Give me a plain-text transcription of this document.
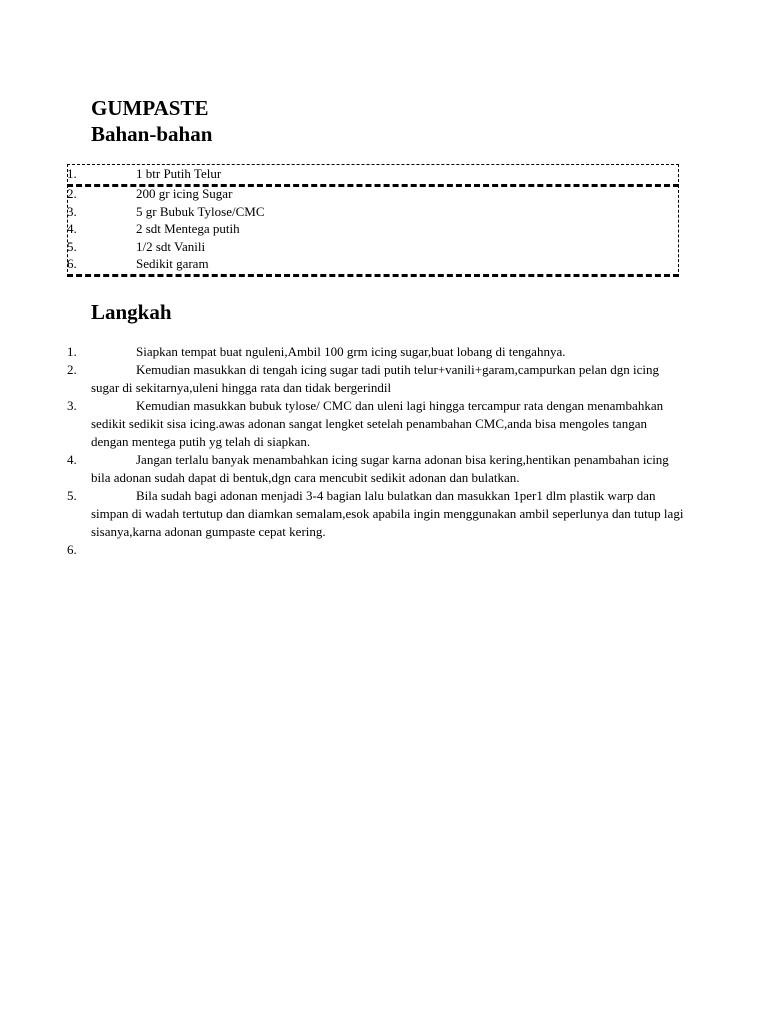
GUMPASTE
Bahan-bahan
1.	1 btr Putih Telur
2.	200 gr icing Sugar
3.	5 gr Bubuk Tylose/CMC
4.	2 sdt Mentega putih
5.	1/2 sdt Vanili
6.	Sedikit garam
Langkah
1.	Siapkan tempat buat nguleni,Ambil 100 grm icing sugar,buat lobang di tengahnya.
2.	Kemudian masukkan di tengah icing sugar tadi putih telur+vanili+garam,campurkan pelan dgn icing sugar di sekitarnya,uleni hingga rata dan tidak bergerindil
3.	Kemudian masukkan bubuk tylose/ CMC dan uleni lagi hingga tercampur rata dengan menambahkan sedikit sedikit sisa icing.awas adonan sangat lengket setelah penambahan CMC,anda bisa mengoles tangan dengan mentega putih yg telah di siapkan.
4.	Jangan terlalu banyak menambahkan icing sugar karna adonan bisa kering,hentikan penambahan icing bila adonan sudah dapat di bentuk,dgn cara mencubit sedikit adonan dan bulatkan.
5.	Bila sudah bagi adonan menjadi 3-4 bagian lalu bulatkan dan masukkan 1per1 dlm plastik warp dan simpan di wadah tertutup dan diamkan semalam,esok apabila ingin menggunakan ambil seperlunya dan tutup lagi sisanya,karna adonan gumpaste cepat kering.
6.
